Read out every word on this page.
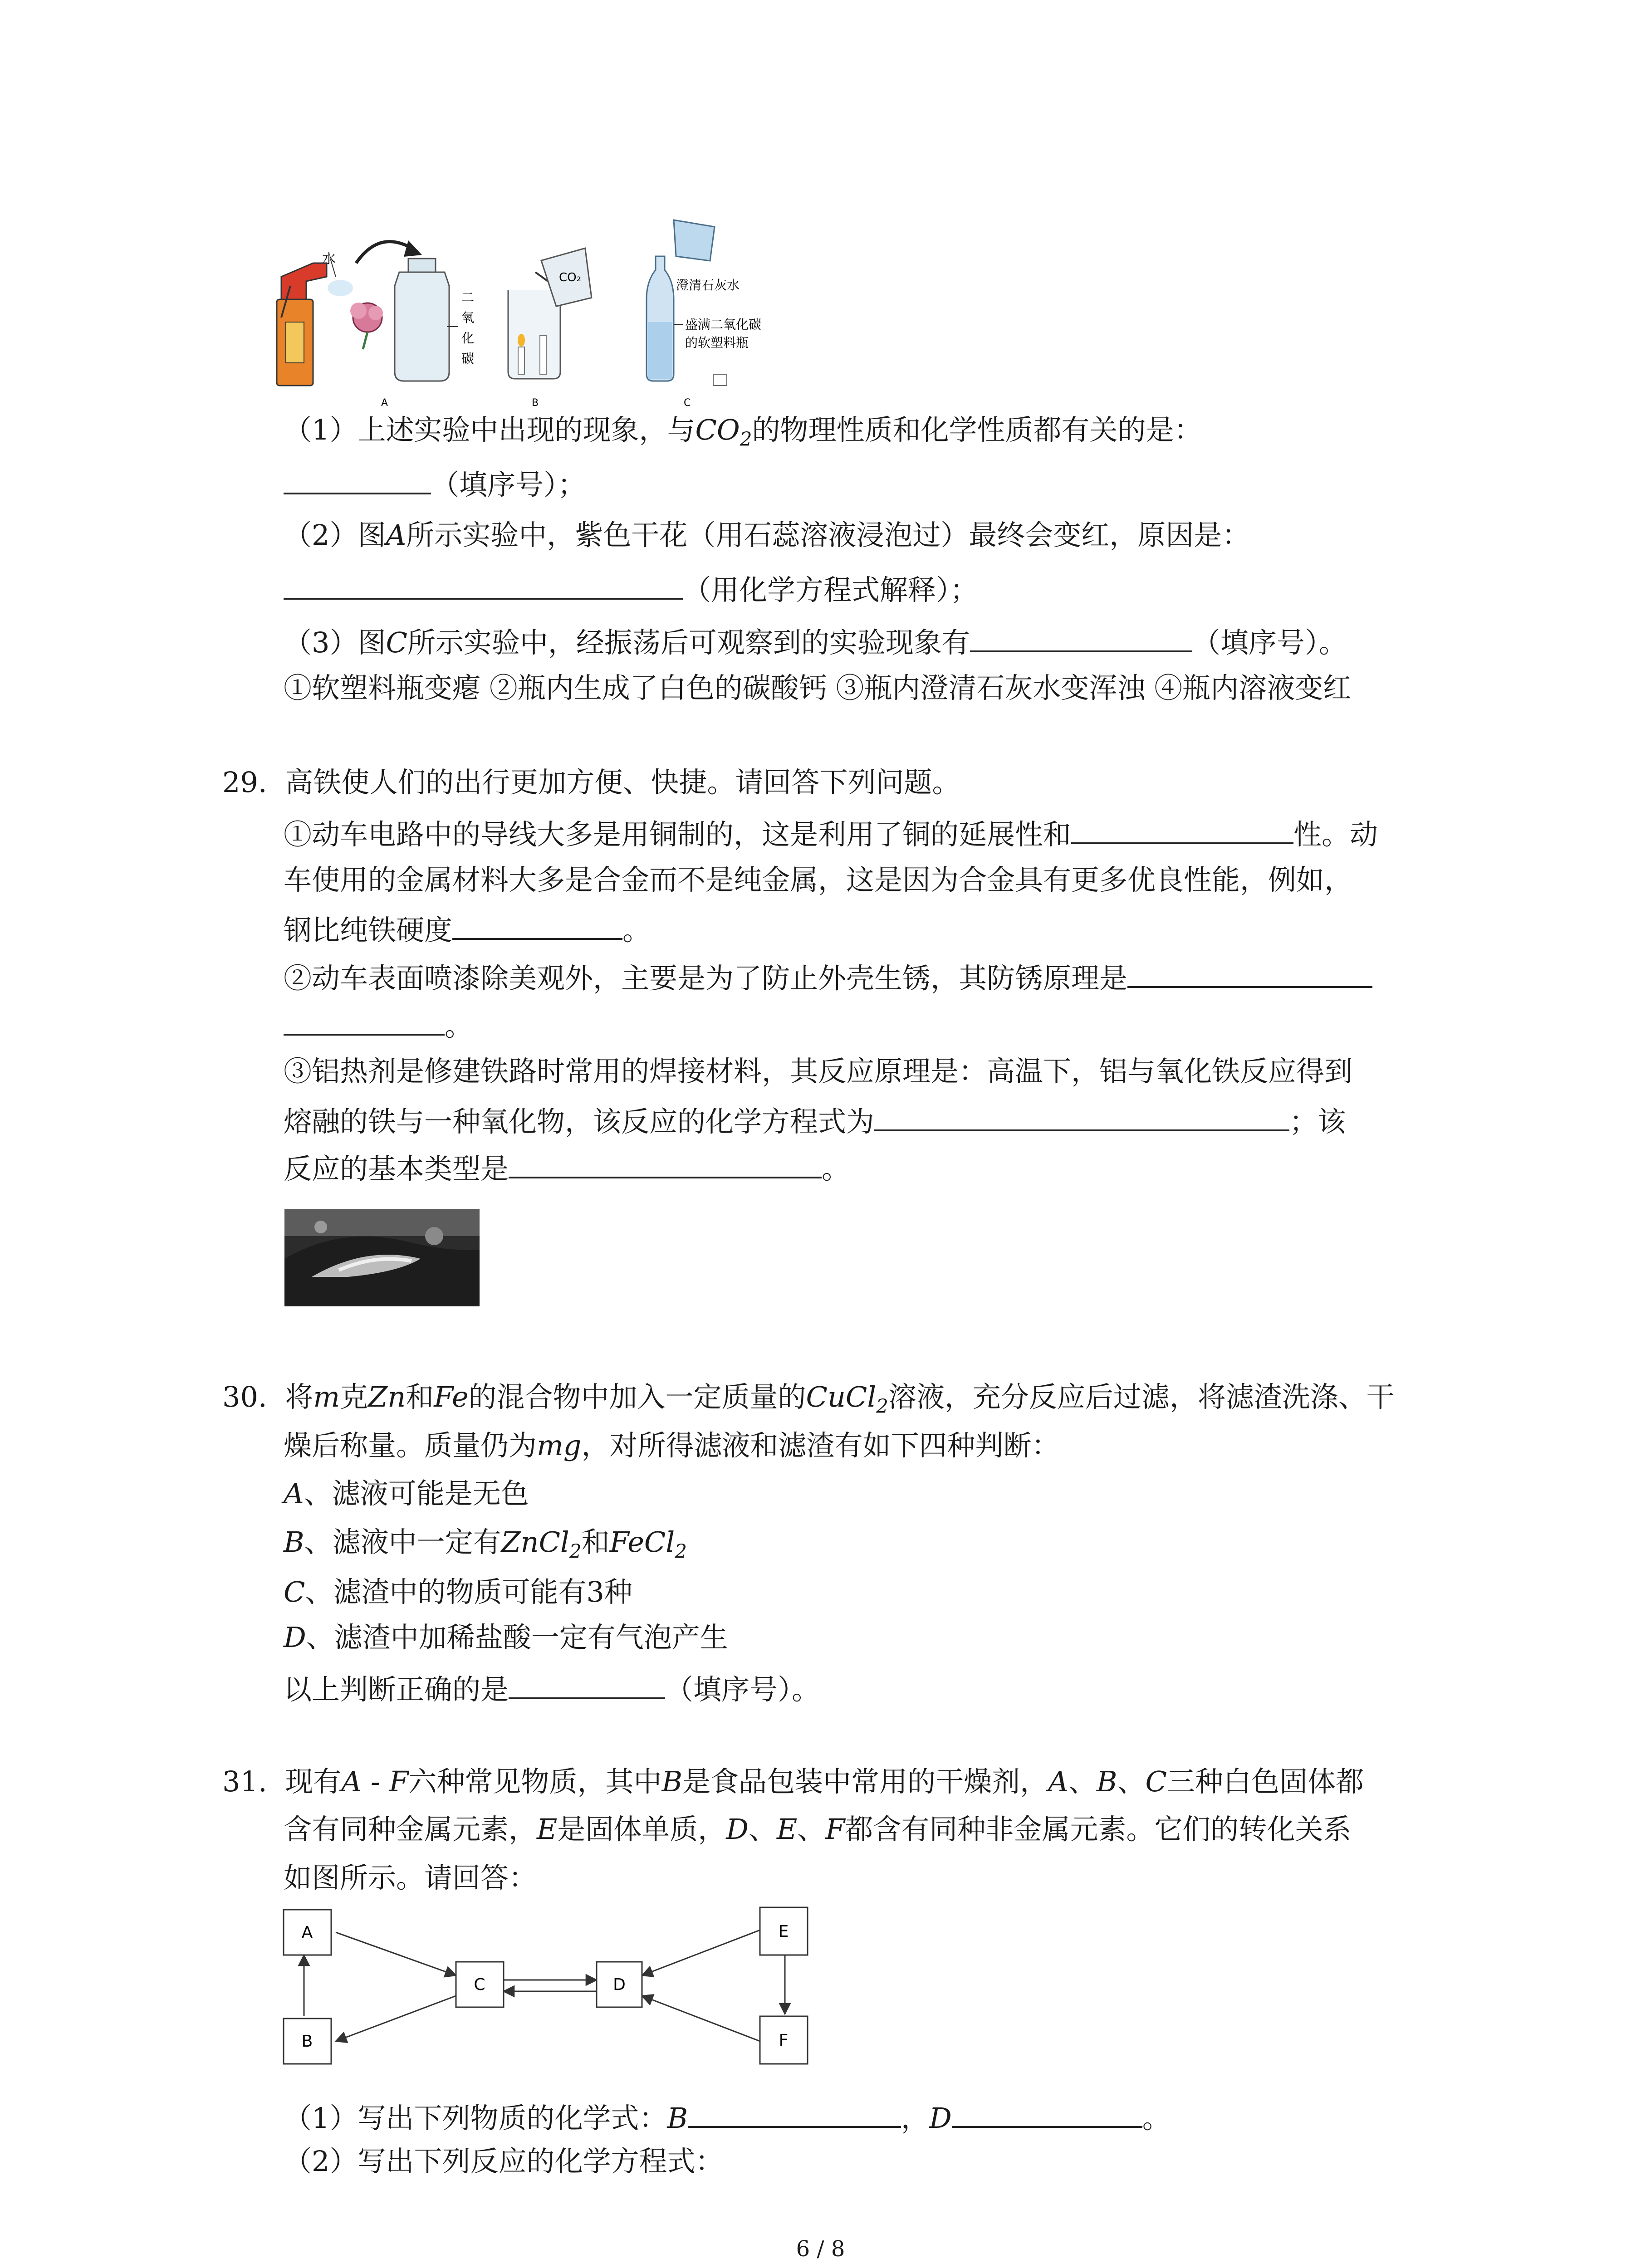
水
二
氧
化
碳
A
CO₂
B
澄清石灰水
盛满二氧化碳
的软塑料瓶
C
（1）上述实验中出现的现象，与$CO_2$的物理性质和化学性质都有关的是：
（填序号）；
（2）图A所示实验中，紫色干花（用石蕊溶液浸泡过）最终会变红，原因是：
（用化学方程式解释）；
（3）图C所示实验中，经振荡后可观察到的实验现象有	（填序号）。
①软塑料瓶变瘪 ②瓶内生成了白色的碳酸钙 ③瓶内澄清石灰水变浑浊 ④瓶内溶液变红
29. 高铁使人们的出行更加方便、快捷。请回答下列问题。
①动车电路中的导线大多是用铜制的，这是利用了铜的延展性和	性。动
车使用的金属材料大多是合金而不是纯金属，这是因为合金具有更多优良性能，例如，
钢比纯铁硬度	。
②动车表面喷漆除美观外，主要是为了防止外壳生锈，其防锈原理是
。
③铝热剂是修建铁路时常用的焊接材料，其反应原理是：高温下，铝与氧化铁反应得到
熔融的铁与一种氧化物，该反应的化学方程式为	；该
反应的基本类型是	。
30. 将m克Zn和Fe的混合物中加入一定质量的CuCl$_2$溶液，充分反应后过滤，将滤渣洗涤、干
燥后称量。质量仍为mg，对所得滤液和滤渣有如下四种判断：
A、滤液可能是无色
B、滤液中一定有ZnCl$_2$和FeCl$_2$
C、滤渣中的物质可能有3种
D、滤渣中加稀盐酸一定有气泡产生
以上判断正确的是	（填序号）。
31. 现有A - F六种常见物质，其中B是食品包装中常用的干燥剂，A、B、C三种白色固体都
含有同种金属元素，E是固体单质，D、E、F都含有同种非金属元素。它们的转化关系
如图所示。请回答：
A
B
C	D
E
F
（1）写出下列物质的化学式：B	，D	。
（2）写出下列反应的化学方程式：
6 / 8
